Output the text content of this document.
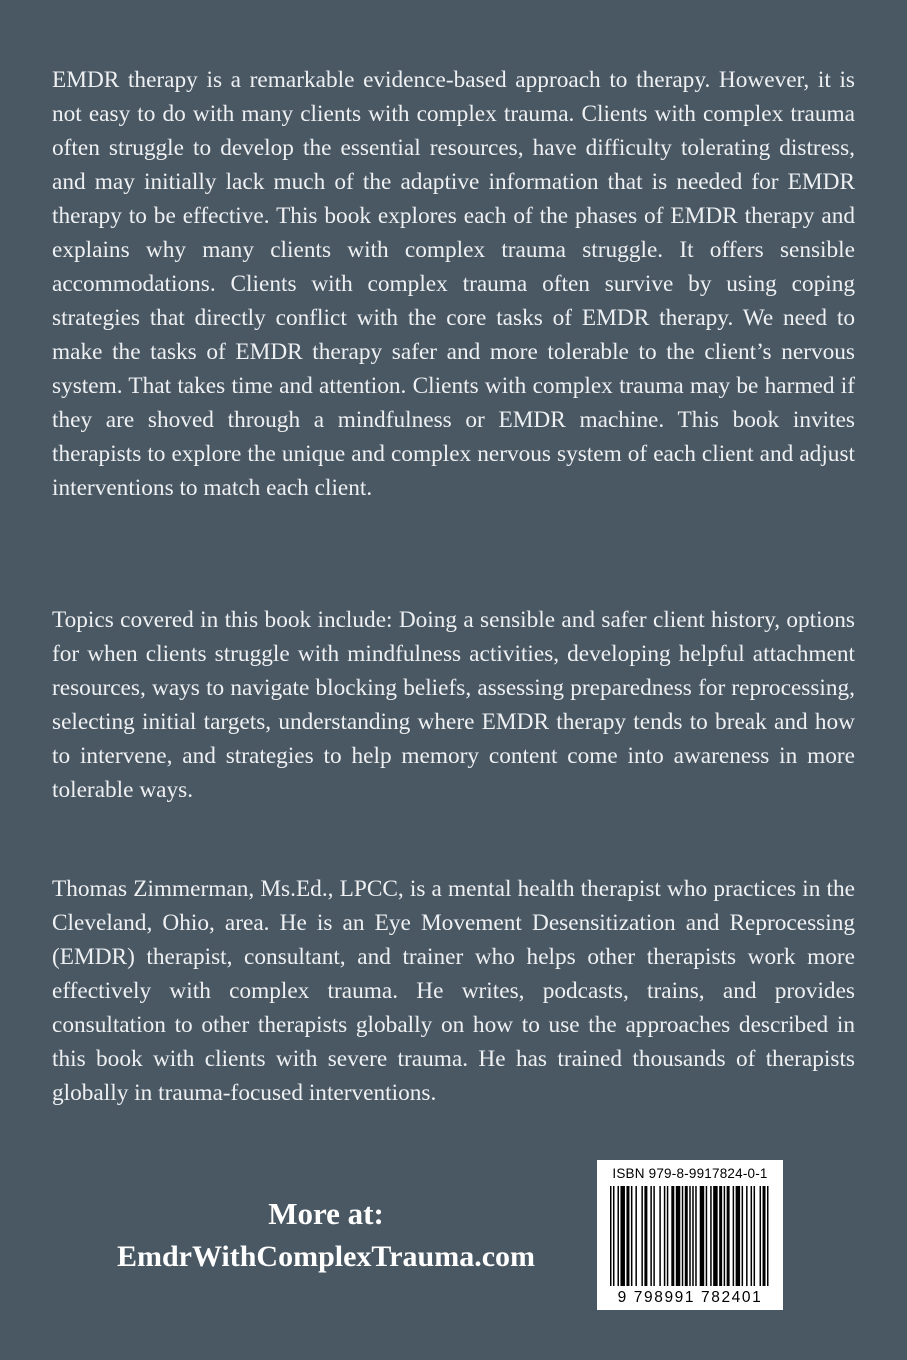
EMDR therapy is a remarkable evidence-based approach to therapy. However, it is not easy to do with many clients with complex trauma. Clients with complex trauma often struggle to develop the essential resources, have difficulty tolerating distress, and may initially lack much of the adaptive information that is needed for EMDR therapy to be effective. This book explores each of the phases of EMDR therapy and explains why many clients with complex trauma struggle. It offers sensible accommodations. Clients with complex trauma often survive by using coping strategies that directly conflict with the core tasks of EMDR therapy. We need to make the tasks of EMDR therapy safer and more tolerable to the client’s nervous system. That takes time and attention. Clients with complex trauma may be harmed if they are shoved through a mindfulness or EMDR machine. This book invites therapists to explore the unique and complex nervous system of each client and adjust interventions to match each client.

Topics covered in this book include: Doing a sensible and safer client history, options for when clients struggle with mindfulness activities, developing helpful attachment resources, ways to navigate blocking beliefs, assessing preparedness for reprocessing, selecting initial targets, understanding where EMDR therapy tends to break and how to intervene, and strategies to help memory content come into awareness in more tolerable ways.

Thomas Zimmerman, Ms.Ed., LPCC, is a mental health therapist who practices in the Cleveland, Ohio, area. He is an Eye Movement Desensitization and Reprocessing (EMDR) therapist, consultant, and trainer who helps other therapists work more effectively with complex trauma. He writes, podcasts, trains, and provides consultation to other therapists globally on how to use the approaches described in this book with clients with severe trauma. He has trained thousands of therapists globally in trauma-focused interventions.

More at:
EmdrWithComplexTrauma.com
ISBN 979-8-9917824-0-1
9 798991 782401
